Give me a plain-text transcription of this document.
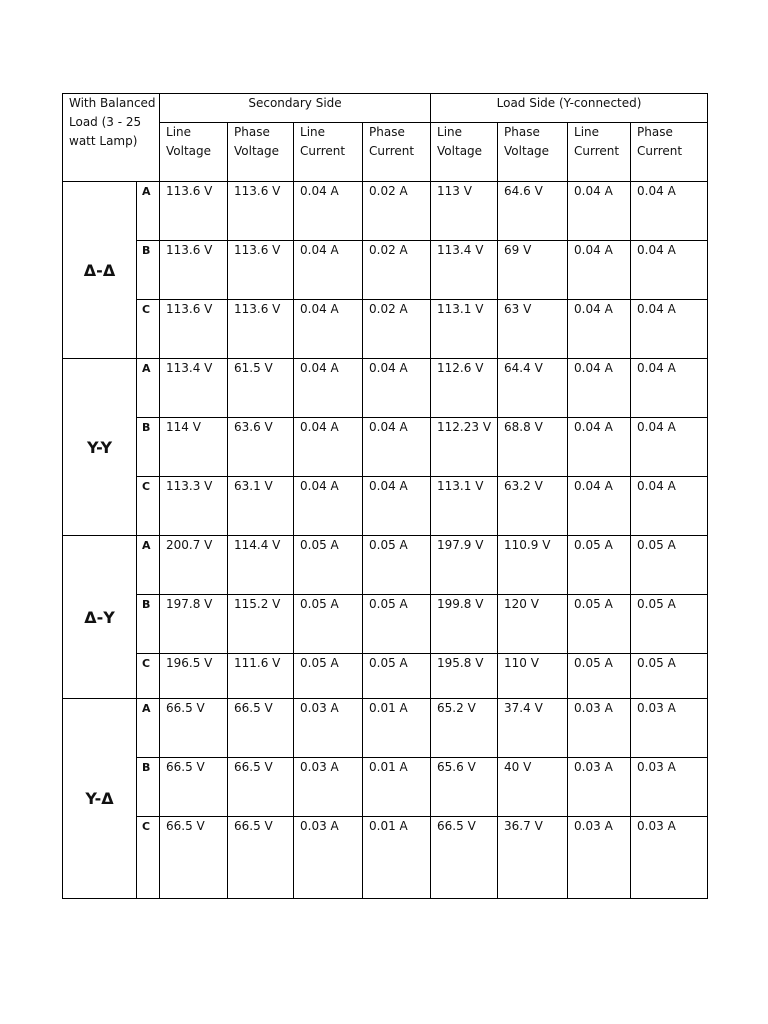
With Balanced Load (3 - 25 watt Lamp)		Secondary Side				Load Side (Y-connected)			
		Line Voltage	Phase Voltage	Line Current	Phase Current	Line Voltage	Phase Voltage	Line Current	Phase Current
Δ-Δ	A	113.6 V	113.6 V	0.04 A	0.02 A	113 V	64.6 V	0.04 A	0.04 A
	B	113.6 V	113.6 V	0.04 A	0.02 A	113.4 V	69 V	0.04 A	0.04 A
	C	113.6 V	113.6 V	0.04 A	0.02 A	113.1 V	63 V	0.04 A	0.04 A
Y-Y	A	113.4 V	61.5 V	0.04 A	0.04 A	112.6 V	64.4 V	0.04 A	0.04 A
	B	114 V	63.6 V	0.04 A	0.04 A	112.23 V	68.8 V	0.04 A	0.04 A
	C	113.3 V	63.1 V	0.04 A	0.04 A	113.1 V	63.2 V	0.04 A	0.04 A
Δ-Y	A	200.7 V	114.4 V	0.05 A	0.05 A	197.9 V	110.9 V	0.05 A	0.05 A
	B	197.8 V	115.2 V	0.05 A	0.05 A	199.8 V	120 V	0.05 A	0.05 A
	C	196.5 V	111.6 V	0.05 A	0.05 A	195.8 V	110 V	0.05 A	0.05 A
Y-Δ	A	66.5 V	66.5 V	0.03 A	0.01 A	65.2 V	37.4 V	0.03 A	0.03 A
	B	66.5 V	66.5 V	0.03 A	0.01 A	65.6 V	40 V	0.03 A	0.03 A
	C	66.5 V	66.5 V	0.03 A	0.01 A	66.5 V	36.7 V	0.03 A	0.03 A
